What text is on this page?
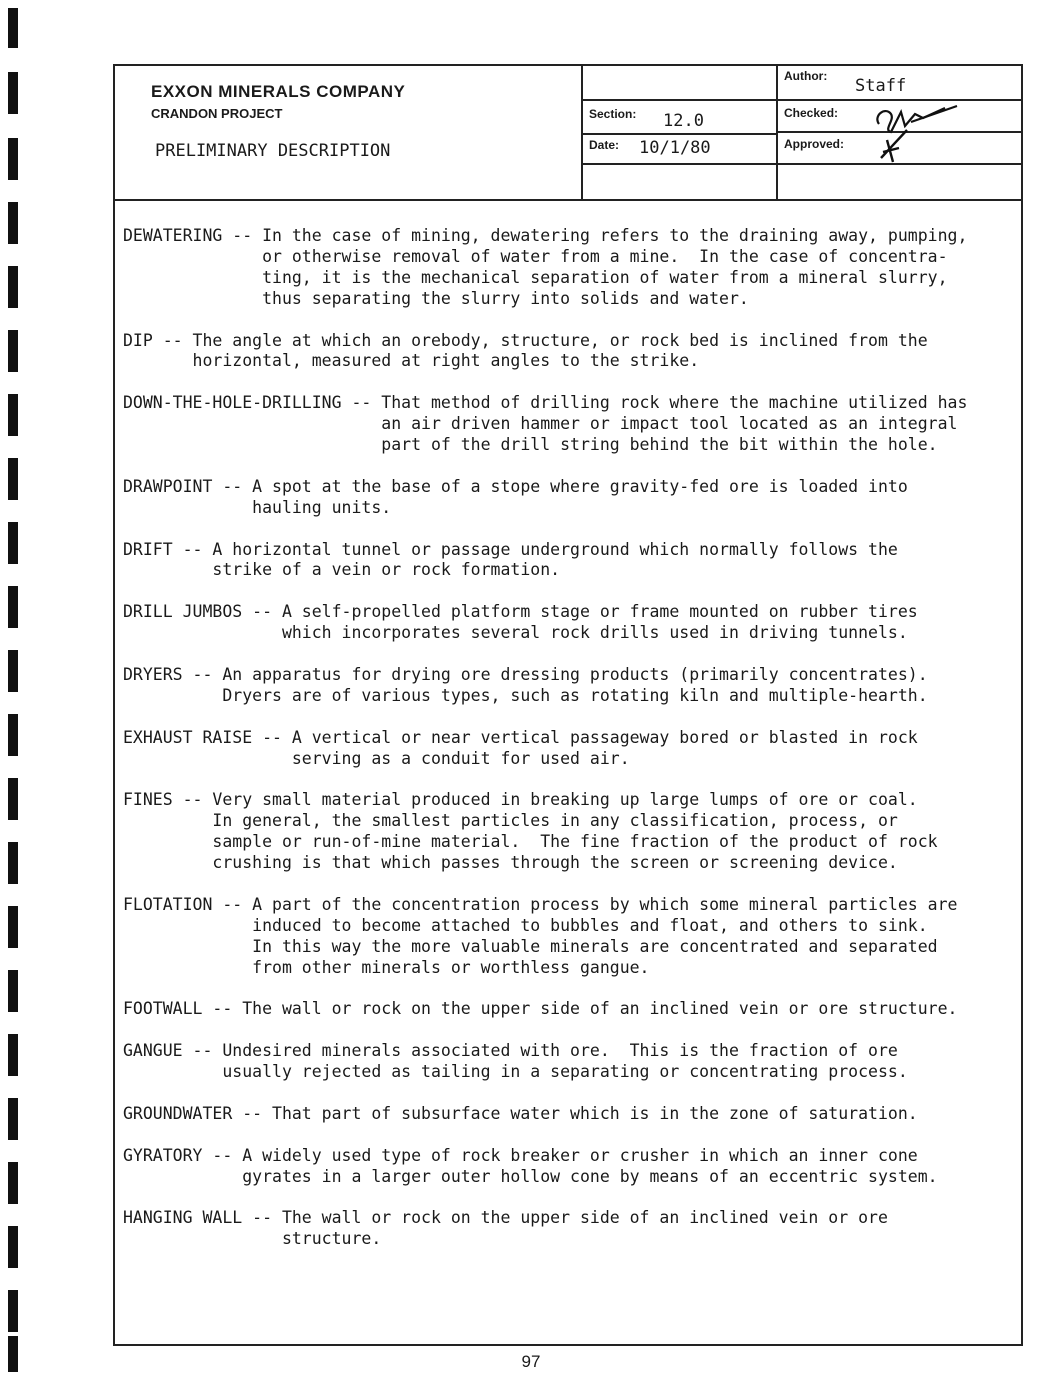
EXXON MINERALS COMPANY
CRANDON PROJECT
PRELIMINARY DESCRIPTION
Section: 12.0
Date: 10/1/80
Author: Staff
Checked:
Approved:
DEWATERING -- In the case of mining, dewatering refers to the draining away, pumping,
or otherwise removal of water from a mine.  In the case of concentra-
ting, it is the mechanical separation of water from a mineral slurry,
thus separating the slurry into solids and water.
DIP -- The angle at which an orebody, structure, or rock bed is inclined from the
horizontal, measured at right angles to the strike.
DOWN-THE-HOLE-DRILLING -- That method of drilling rock where the machine utilized has
an air driven hammer or impact tool located as an integral
part of the drill string behind the bit within the hole.
DRAWPOINT -- A spot at the base of a stope where gravity-fed ore is loaded into
hauling units.
DRIFT -- A horizontal tunnel or passage underground which normally follows the
strike of a vein or rock formation.
DRILL JUMBOS -- A self-propelled platform stage or frame mounted on rubber tires
which incorporates several rock drills used in driving tunnels.
DRYERS -- An apparatus for drying ore dressing products (primarily concentrates).
Dryers are of various types, such as rotating kiln and multiple-hearth.
EXHAUST RAISE -- A vertical or near vertical passageway bored or blasted in rock
serving as a conduit for used air.
FINES -- Very small material produced in breaking up large lumps of ore or coal.
In general, the smallest particles in any classification, process, or
sample or run-of-mine material.  The fine fraction of the product of rock
crushing is that which passes through the screen or screening device.
FLOTATION -- A part of the concentration process by which some mineral particles are
induced to become attached to bubbles and float, and others to sink.
In this way the more valuable minerals are concentrated and separated
from other minerals or worthless gangue.
FOOTWALL -- The wall or rock on the upper side of an inclined vein or ore structure.
GANGUE -- Undesired minerals associated with ore.  This is the fraction of ore
usually rejected as tailing in a separating or concentrating process.
GROUNDWATER -- That part of subsurface water which is in the zone of saturation.
GYRATORY -- A widely used type of rock breaker or crusher in which an inner cone
gyrates in a larger outer hollow cone by means of an eccentric system.
HANGING WALL -- The wall or rock on the upper side of an inclined vein or ore
structure.
97
